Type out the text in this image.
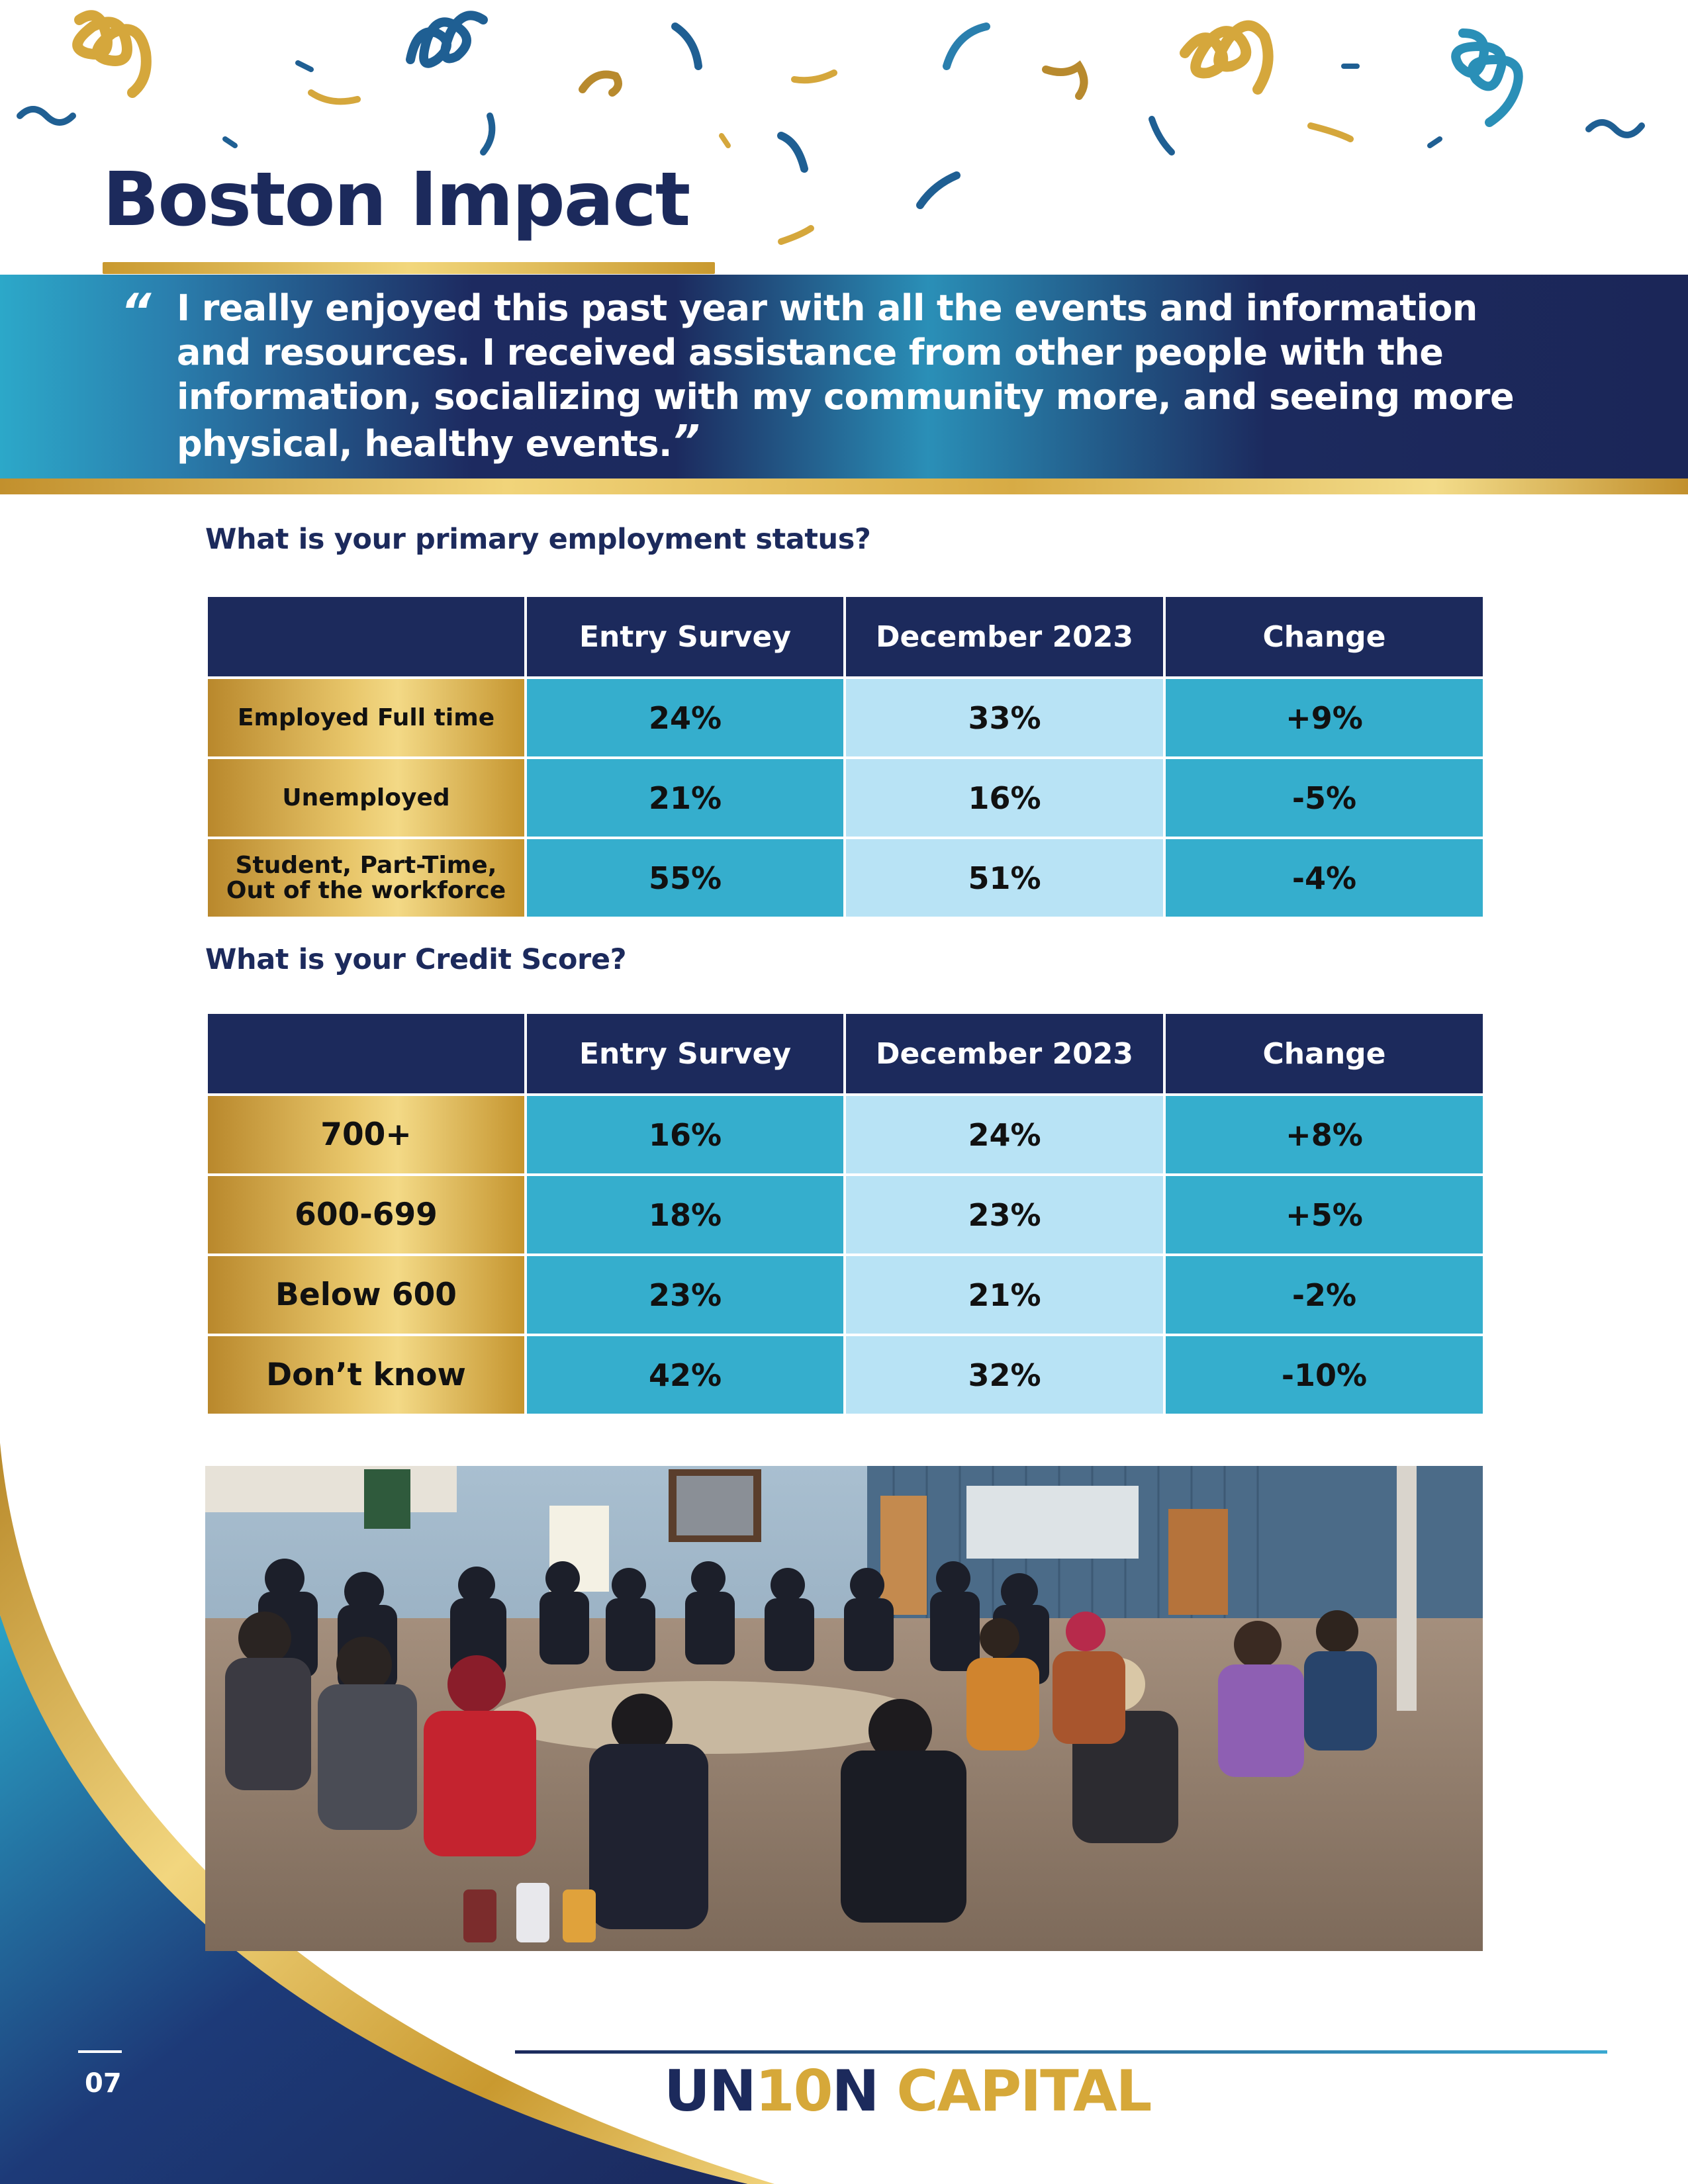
Boston Impact
“ I really enjoyed this past year with all the events and information and resources. I received assistance from other people with the information, socializing with my community more, and seeing more physical, healthy events.”
What is your primary employment status?
	Entry Survey	December 2023	Change
Employed Full time	24%	33%	+9%
Unemployed	21%	16%	-5%
Student, Part-Time, Out of the workforce	55%	51%	-4%
What is your Credit Score?
	Entry Survey	December 2023	Change
700+	16%	24%	+8%
600-699	18%	23%	+5%
Below 600	23%	21%	-2%
Don’t know	42%	32%	-10%
07	UN10N CAPITAL
